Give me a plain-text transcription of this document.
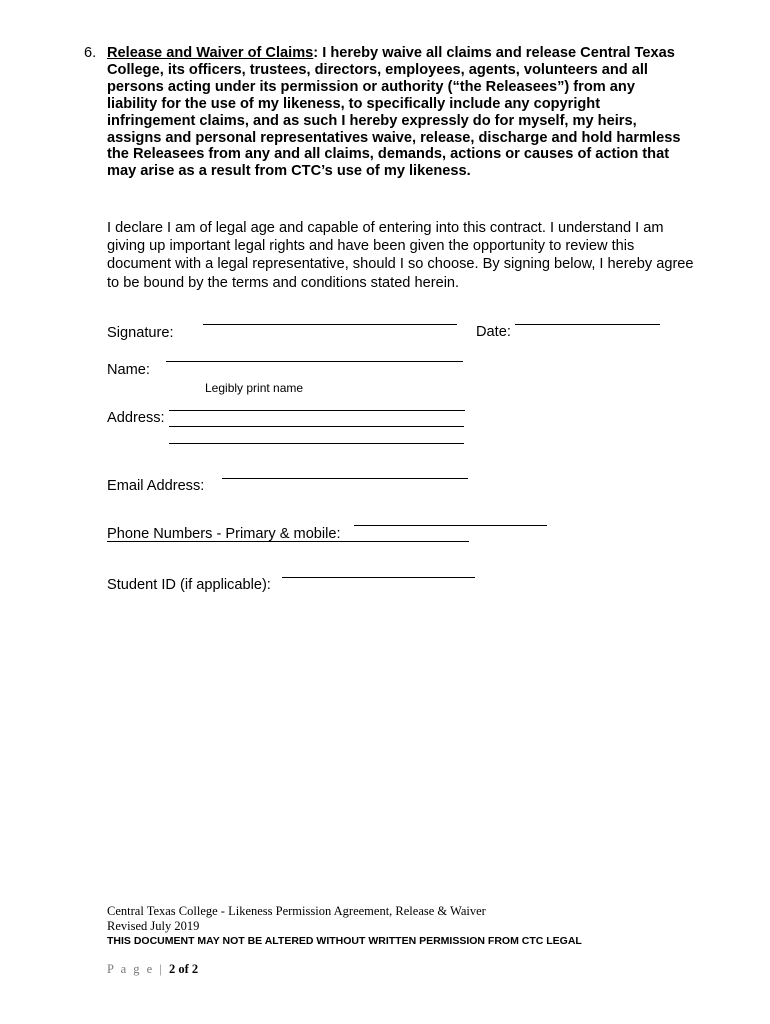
6. Release and Waiver of Claims: I hereby waive all claims and release Central Texas College, its officers, trustees, directors, employees, agents, volunteers and all persons acting under its permission or authority (“the Releasees”) from any liability for the use of my likeness, to specifically include any copyright infringement claims, and as such I hereby expressly do for myself, my heirs, assigns and personal representatives waive, release, discharge and hold harmless the Releasees from any and all claims, demands, actions or causes of action that may arise as a result from CTC’s use of my likeness.
I declare I am of legal age and capable of entering into this contract. I understand I am giving up important legal rights and have been given the opportunity to review this document with a legal representative, should I so choose. By signing below, I hereby agree to be bound by the terms and conditions stated herein.
Signature:	Date:
Name:
Legibly print name
Address:
Email Address:
Phone Numbers - Primary & mobile:
Student ID (if applicable):
Central Texas College - Likeness Permission Agreement, Release & Waiver
Revised July 2019
THIS DOCUMENT MAY NOT BE ALTERED WITHOUT WRITTEN PERMISSION FROM CTC LEGAL
P a g e | 2 of 2
